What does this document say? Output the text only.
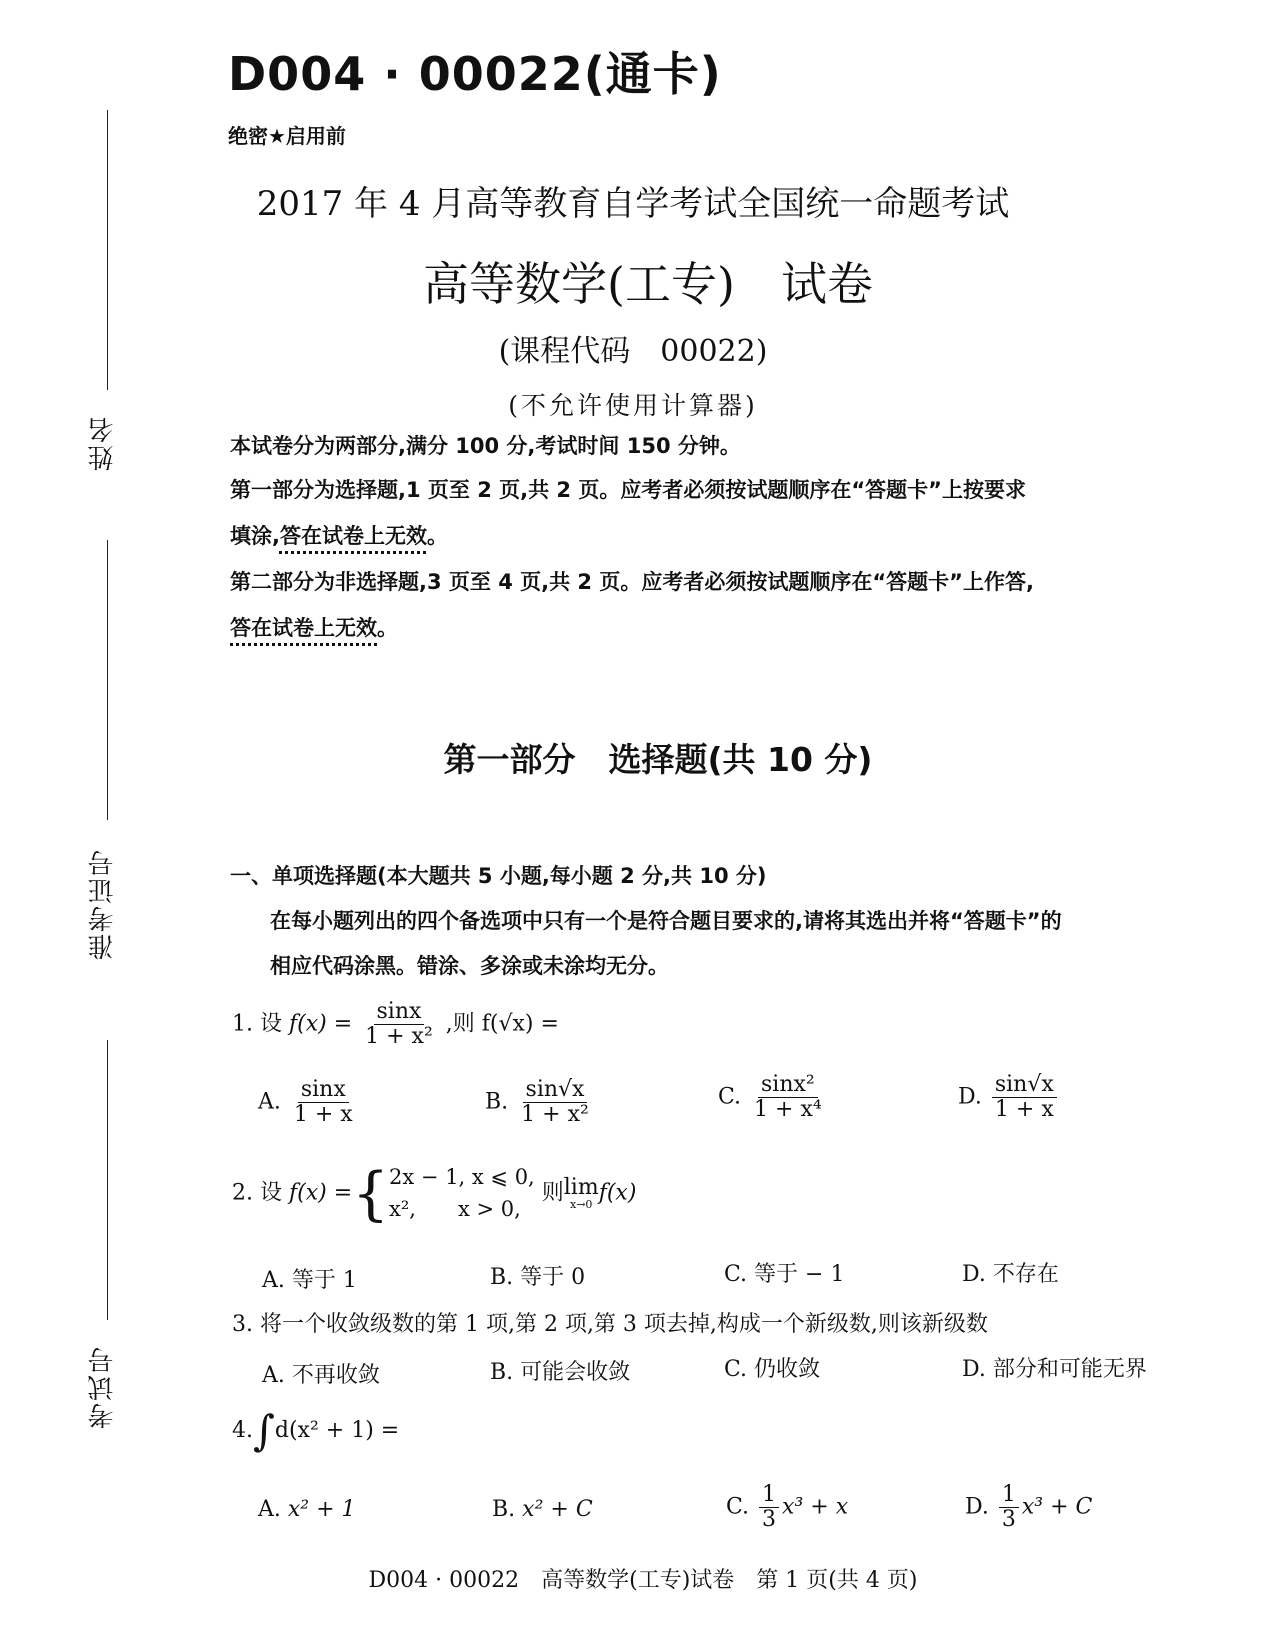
姓名
准考证号
考试号
D004 · 00022(通卡)
绝密★启用前
2017 年 4 月高等教育自学考试全国统一命题考试
高等数学(工专)　试卷
(课程代码　00022)
(不允许使用计算器)
本试卷分为两部分,满分 100 分,考试时间 150 分钟。
第一部分为选择题,1 页至 2 页,共 2 页。应考者必须按试题顺序在“答题卡”上按要求
填涂,答在试卷上无效。
第二部分为非选择题,3 页至 4 页,共 2 页。应考者必须按试题顺序在“答题卡”上作答,
答在试卷上无效。
第一部分　选择题(共 10 分)
一、单项选择题(本大题共 5 小题,每小题 2 分,共 10 分)
在每小题列出的四个备选项中只有一个是符合题目要求的,请将其选出并将“答题卡”的
相应代码涂黑。错涂、多涂或未涂均无分。
1. 设 $f(x) = \frac{\sin x}{\text{1 + x²}}$ ,则 f(√x) =
A. $\frac{\sin x}{1 + x}$	B. $\frac{\sin√x}{\text{1 + x²}}$	C. $\frac{\text{sinx²}}{\text{1 + x⁴}}$	D. $\frac{\sin√x}{1 + x}$
2. 设 f(x) ={2x − 1, x ⩽ 0,
x²,　　x > 0, 则 lim
x→0 f(x)
A. 等于 1	B. 等于 0	C. 等于 − 1	D. 不存在
3. 将一个收敛级数的第 1 项,第 2 项,第 3 项去掉,构成一个新级数,则该新级数
A. 不再收敛	B. 可能会收敛	C. 仍收敛	D. 部分和可能无界
4.∫d(x² + 1) =
A. x² + 1	B. x² + C	C. $\frac{1}{3} x^3 + x$	D. $\frac{1}{3} x^3 + C$
D004 · 00022　高等数学(工专)试卷　第 1 页(共 4 页)
